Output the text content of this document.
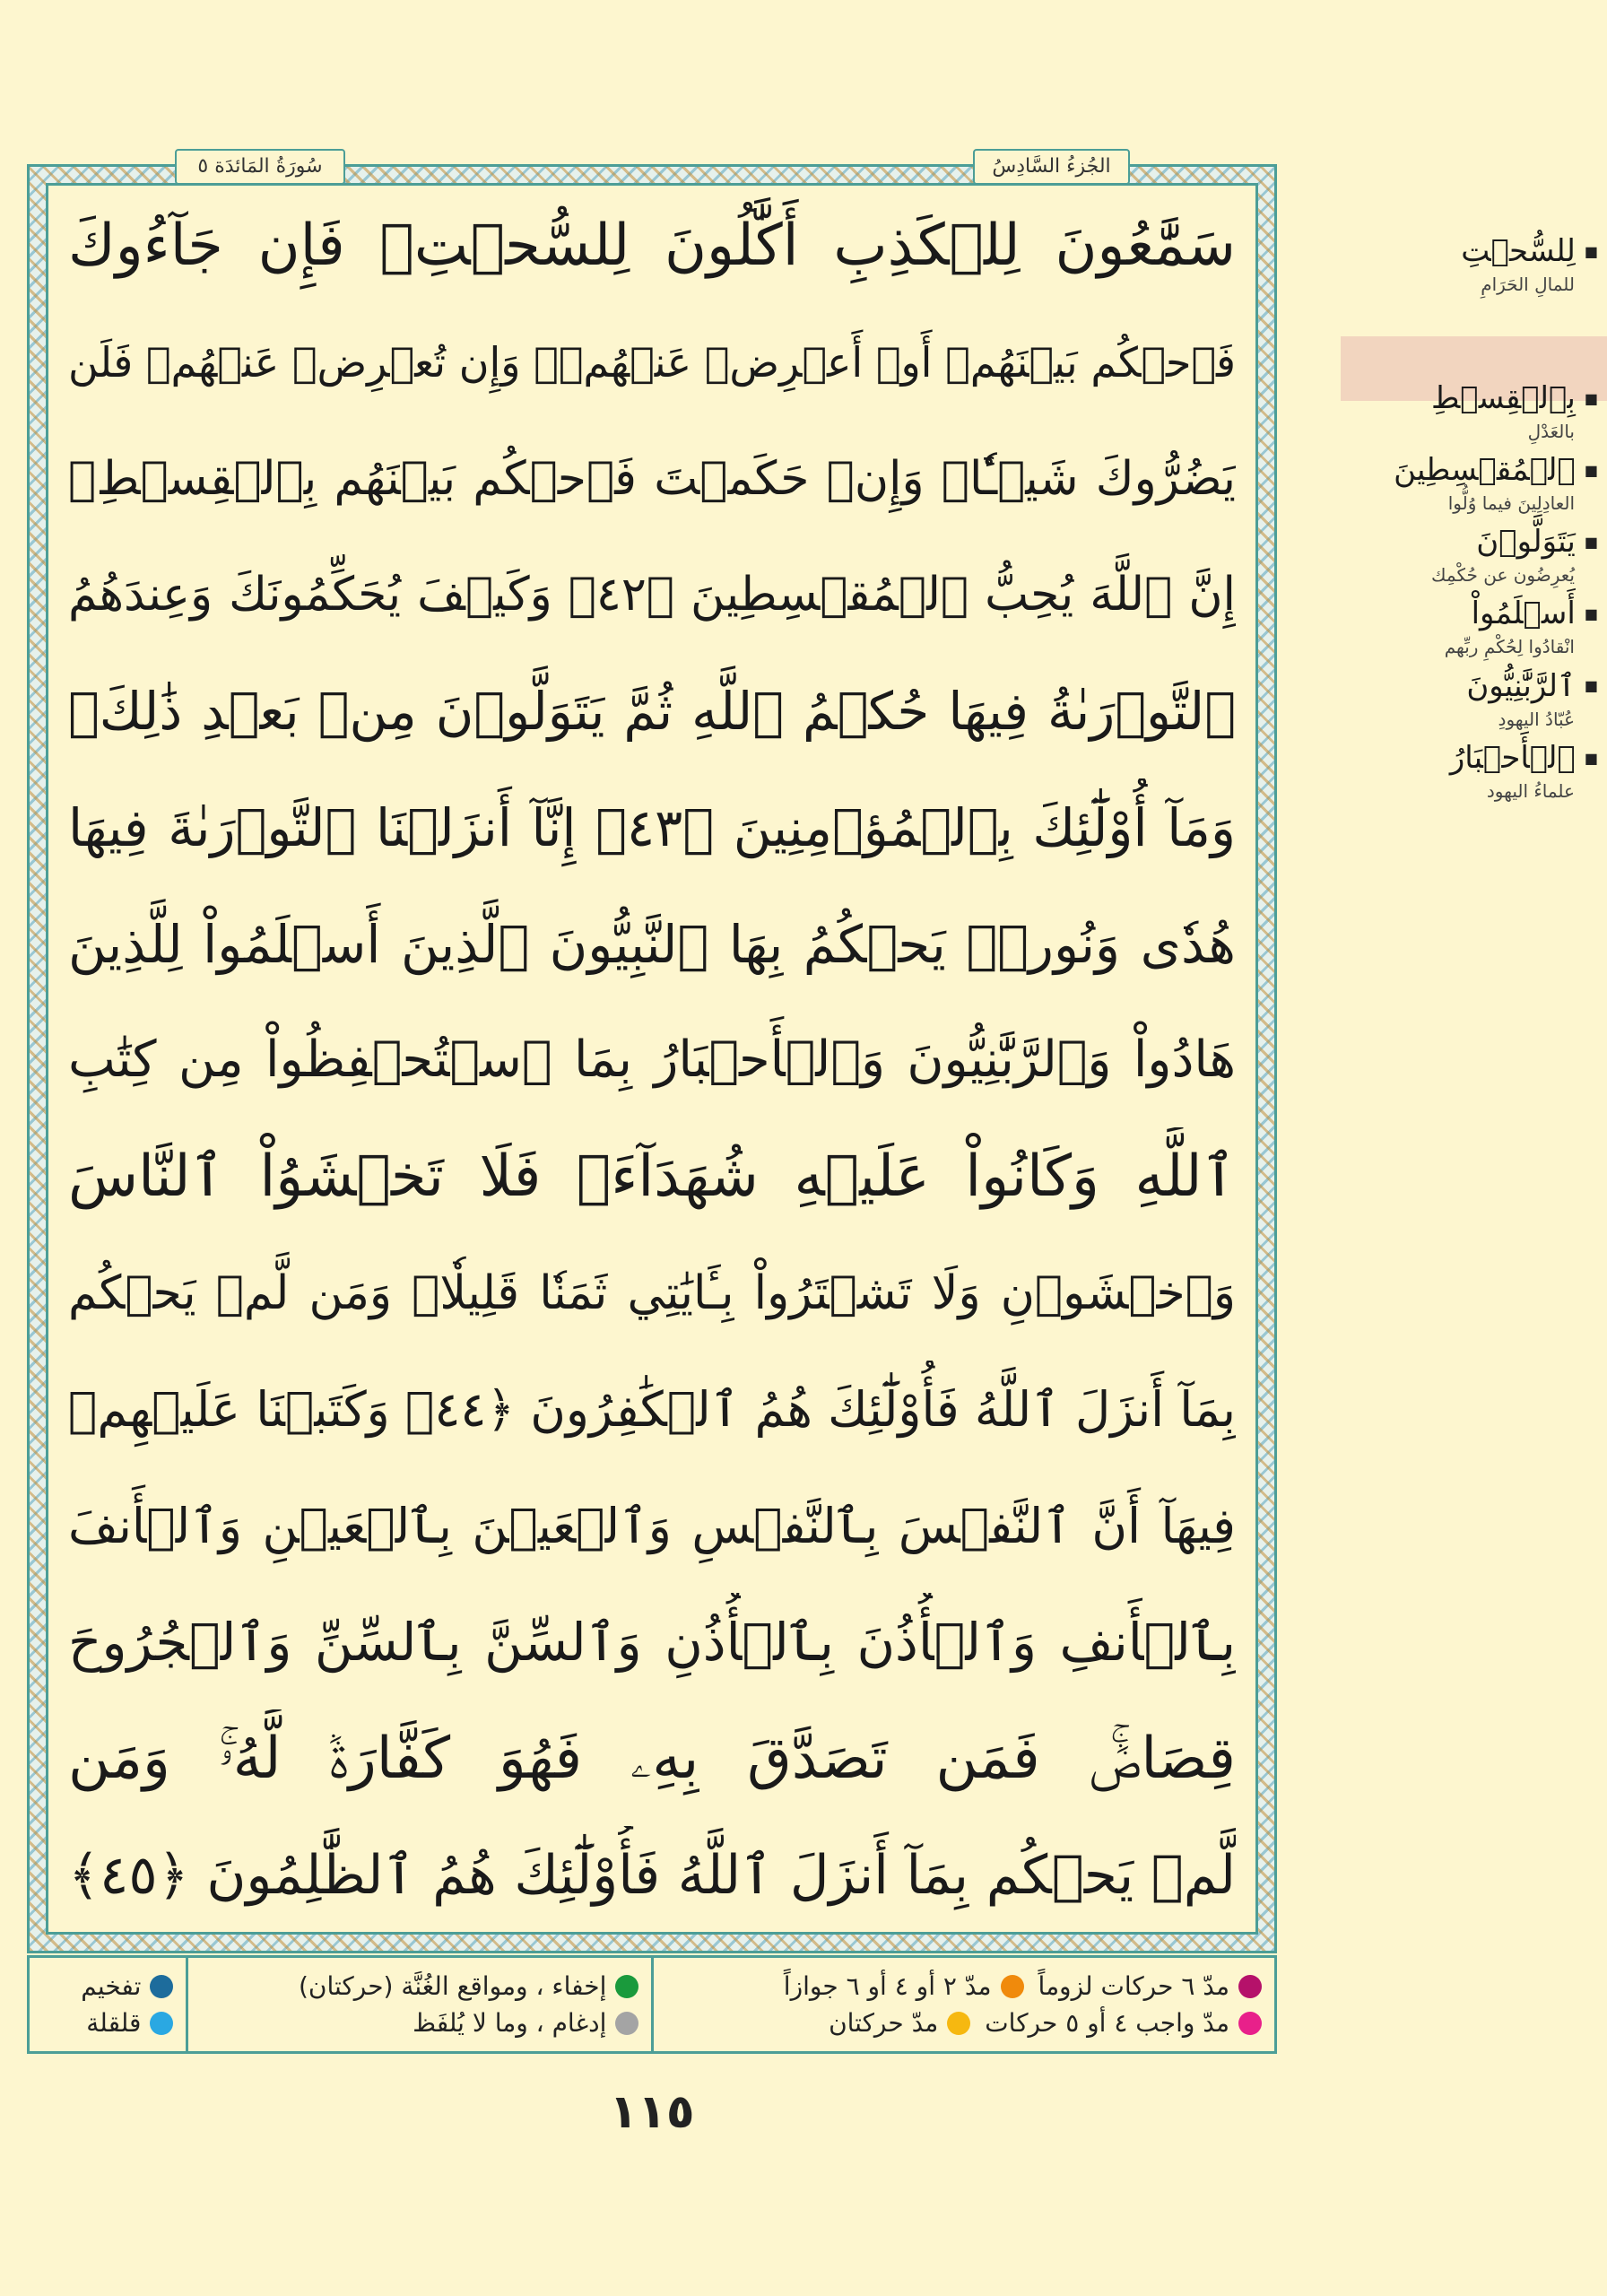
سَمَّٰعُونَ لِلۡكَذِبِ أَكَّٰلُونَ لِلسُّحۡتِۚ فَإِن جَآءُوكَ
فَٱحۡكُم بَيۡنَهُمۡ أَوۡ أَعۡرِضۡ عَنۡهُمۡۖ وَإِن تُعۡرِضۡ عَنۡهُمۡ فَلَن
يَضُرُّوكَ شَيۡـٔٗاۖ وَإِنۡ حَكَمۡتَ فَٱحۡكُم بَيۡنَهُم بِٱلۡقِسۡطِۚ
إِنَّ ٱللَّهَ يُحِبُّ ٱلۡمُقۡسِطِينَ ﴿٤٢﴾ وَكَيۡفَ يُحَكِّمُونَكَ وَعِندَهُمُ
ٱلتَّوۡرَىٰةُ فِيهَا حُكۡمُ ٱللَّهِ ثُمَّ يَتَوَلَّوۡنَ مِنۢ بَعۡدِ ذَٰلِكَۚ
وَمَآ أُوْلَٰٓئِكَ بِٱلۡمُؤۡمِنِينَ ﴿٤٣﴾ إِنَّآ أَنزَلۡنَا ٱلتَّوۡرَىٰةَ فِيهَا
هُدٗى وَنُورٞۚ يَحۡكُمُ بِهَا ٱلنَّبِيُّونَ ٱلَّذِينَ أَسۡلَمُواْ لِلَّذِينَ
هَادُواْ وَٱلرَّبَّٰنِيُّونَ وَٱلۡأَحۡبَارُ بِمَا ٱسۡتُحۡفِظُواْ مِن كِتَٰبِ
ٱللَّهِ وَكَانُواْ عَلَيۡهِ شُهَدَآءَۚ فَلَا تَخۡشَوُاْ ٱلنَّاسَ
وَٱخۡشَوۡنِ وَلَا تَشۡتَرُواْ بِـَٔايَٰتِي ثَمَنٗا قَلِيلٗاۚ وَمَن لَّمۡ يَحۡكُم
بِمَآ أَنزَلَ ٱللَّهُ فَأُوْلَٰٓئِكَ هُمُ ٱلۡكَٰفِرُونَ ﴿٤٤﴾ وَكَتَبۡنَا عَلَيۡهِمۡ
فِيهَآ أَنَّ ٱلنَّفۡسَ بِٱلنَّفۡسِ وَٱلۡعَيۡنَ بِٱلۡعَيۡنِ وَٱلۡأَنفَ
بِٱلۡأَنفِ وَٱلۡأُذُنَ بِٱلۡأُذُنِ وَٱلسِّنَّ بِٱلسِّنِّ وَٱلۡجُرُوحَ
قِصَاصٞۚ فَمَن تَصَدَّقَ بِهِۦ فَهُوَ كَفَّارَةٞ لَّهُۥۚ وَمَن
لَّمۡ يَحۡكُم بِمَآ أَنزَلَ ٱللَّهُ فَأُوْلَٰٓئِكَ هُمُ ٱلظَّٰلِمُونَ ﴿٤٥﴾
سُورَةُ المَائدَة ٥	الجُزءُ السَّادِسُ
■ لِلسُّحۡتِ
للمالِ الحَرَامِ
■ بِٱلۡقِسۡطِ
بالعَدْلِ
■ ٱلۡمُقۡسِطِينَ
العادِلِينَ فيما وُلُّوا
■ يَتَوَلَّوۡنَ
يُعرِضُون عن حُكْمِك
■ أَسۡلَمُواْ
انْقادُوا لِحُكْمِ ربِّهم
■ ٱلرَّبَّٰنِيُّونَ
عُبّادُ اليهودِ
■ ٱلۡأَحۡبَارُ
علماءُ اليهود
مدّ ٦ حركات لزوماً
مدّ ٢ أو ٤ أو ٦ جوازاً
مدّ واجب ٤ أو ٥ حركات
مدّ حركتان
إخفاء ، ومواقع الغُنَّة (حركتان)
إدغام ، وما لا يُلفَظ
تفخيم
قلقلة
١١٥
